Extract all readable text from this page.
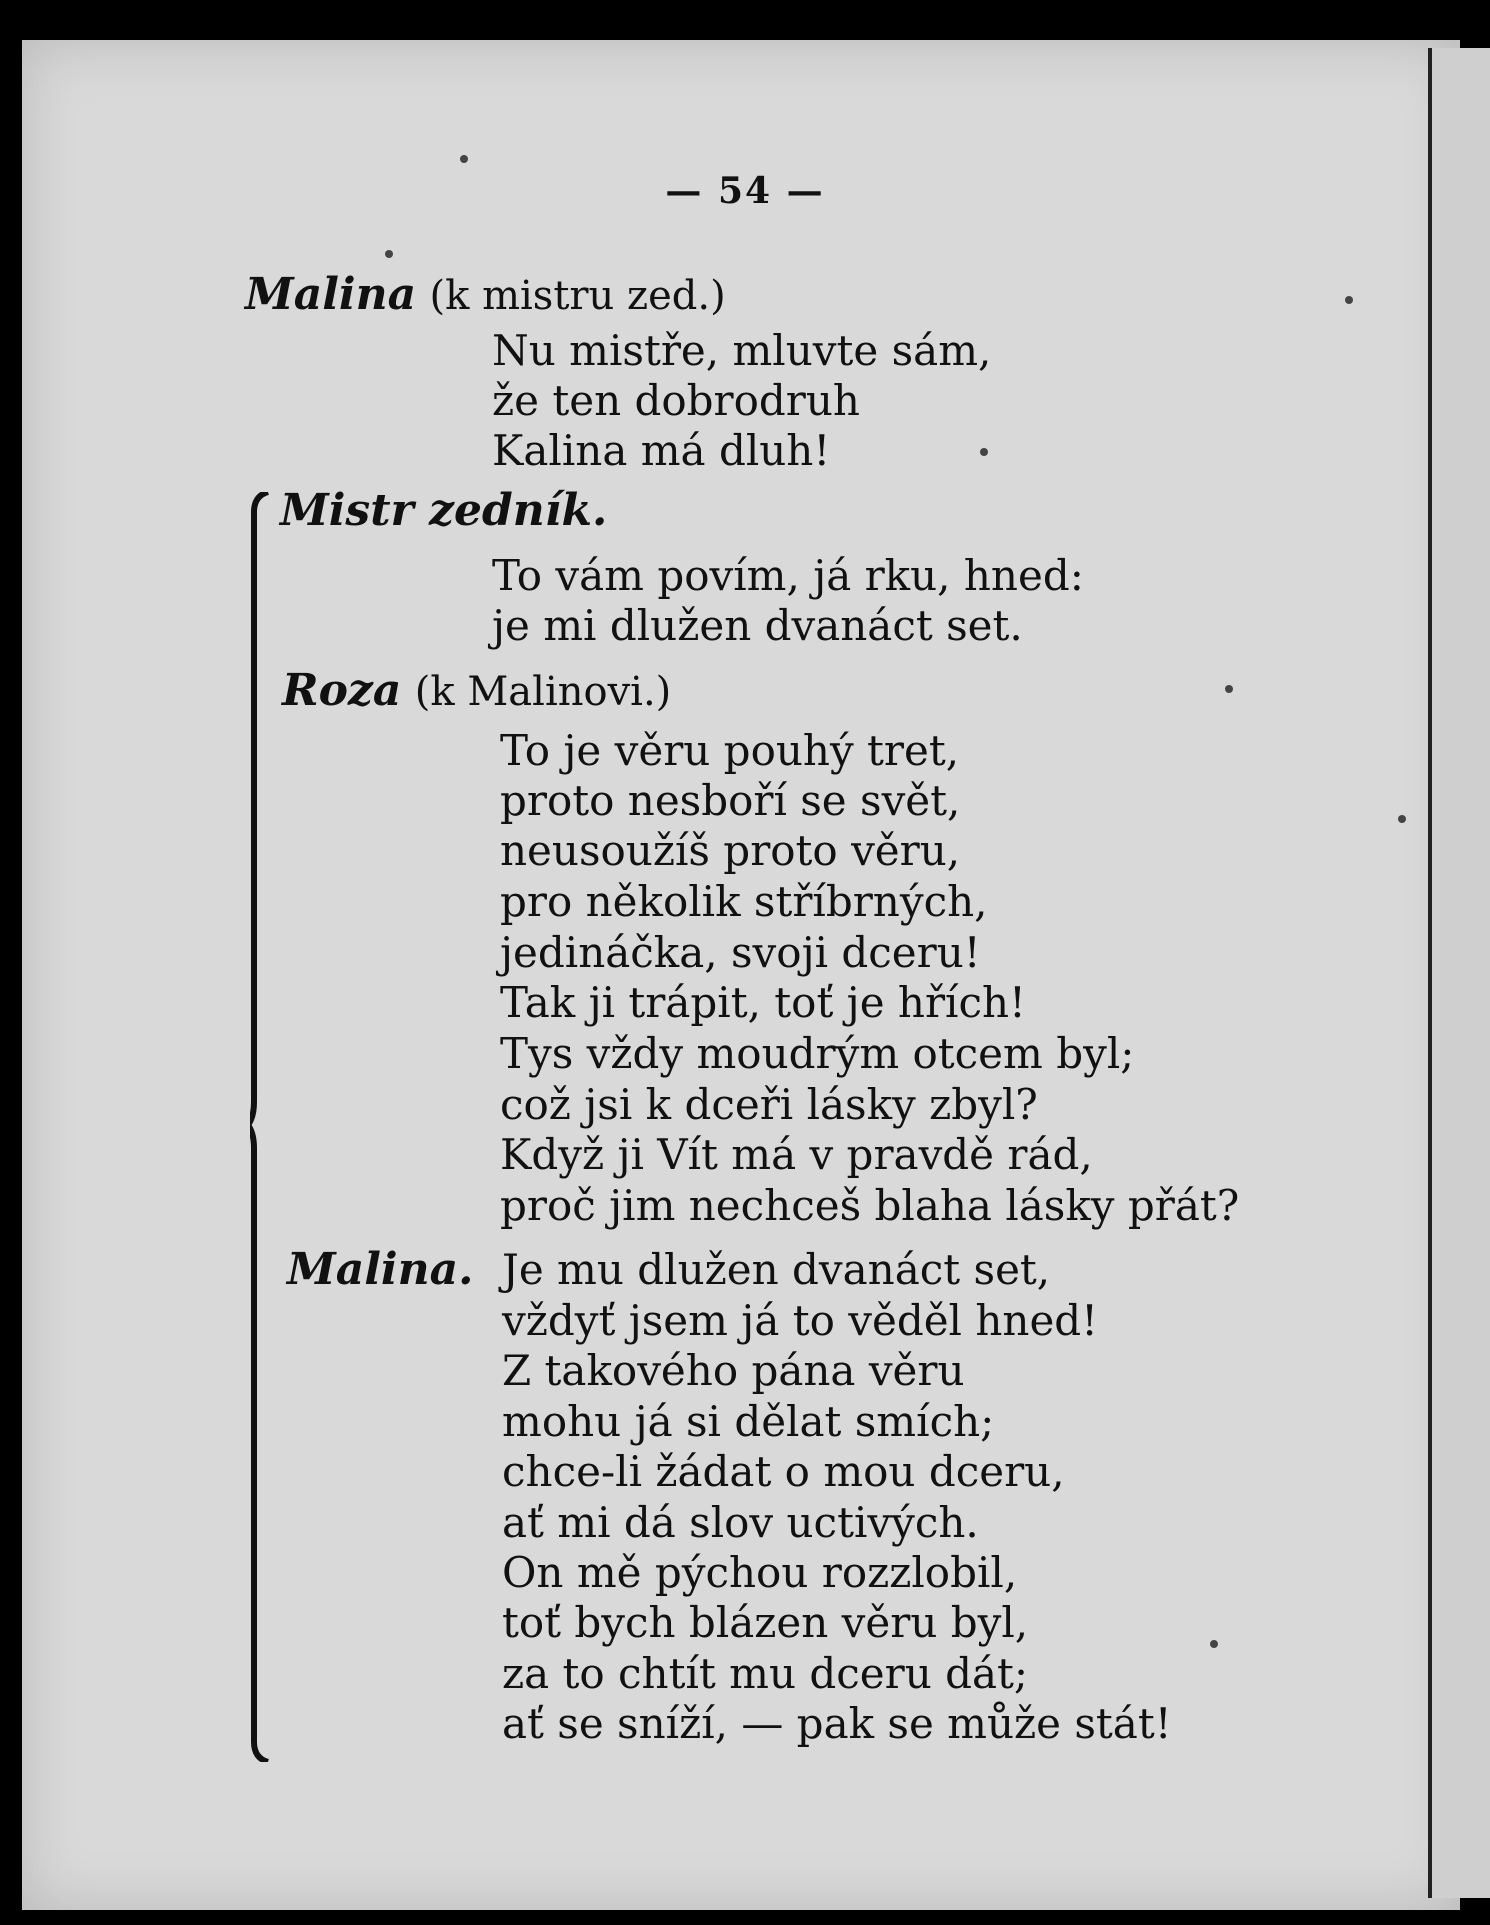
— 54 —
Malina (k mistru zed.)
Nu mistře, mluvte sám,
že ten dobrodruh
Kalina má dluh!
Mistr zedník.
To vám povím, já rku, hned:
je mi dlužen dvanáct set.
Roza (k Malinovi.)
To je věru pouhý tret,
proto nesboří se svět,
neusoužíš proto věru,
pro několik stříbrných,
jedináčka, svoji dceru!
Tak ji trápit, toť je hřích!
Tys vždy moudrým otcem byl;
což jsi k dceři lásky zbyl?
Když ji Vít má v pravdě rád,
proč jim nechceš blaha lásky přát?
Malina. Je mu dlužen dvanáct set,
vždyť jsem já to věděl hned!
Z takového pána věru
mohu já si dělat smích;
chce-li žádat o mou dceru,
ať mi dá slov uctivých.
On mě pýchou rozzlobil,
toť bych blázen věru byl,
za to chtít mu dceru dát;
ať se sníží, — pak se může stát!
